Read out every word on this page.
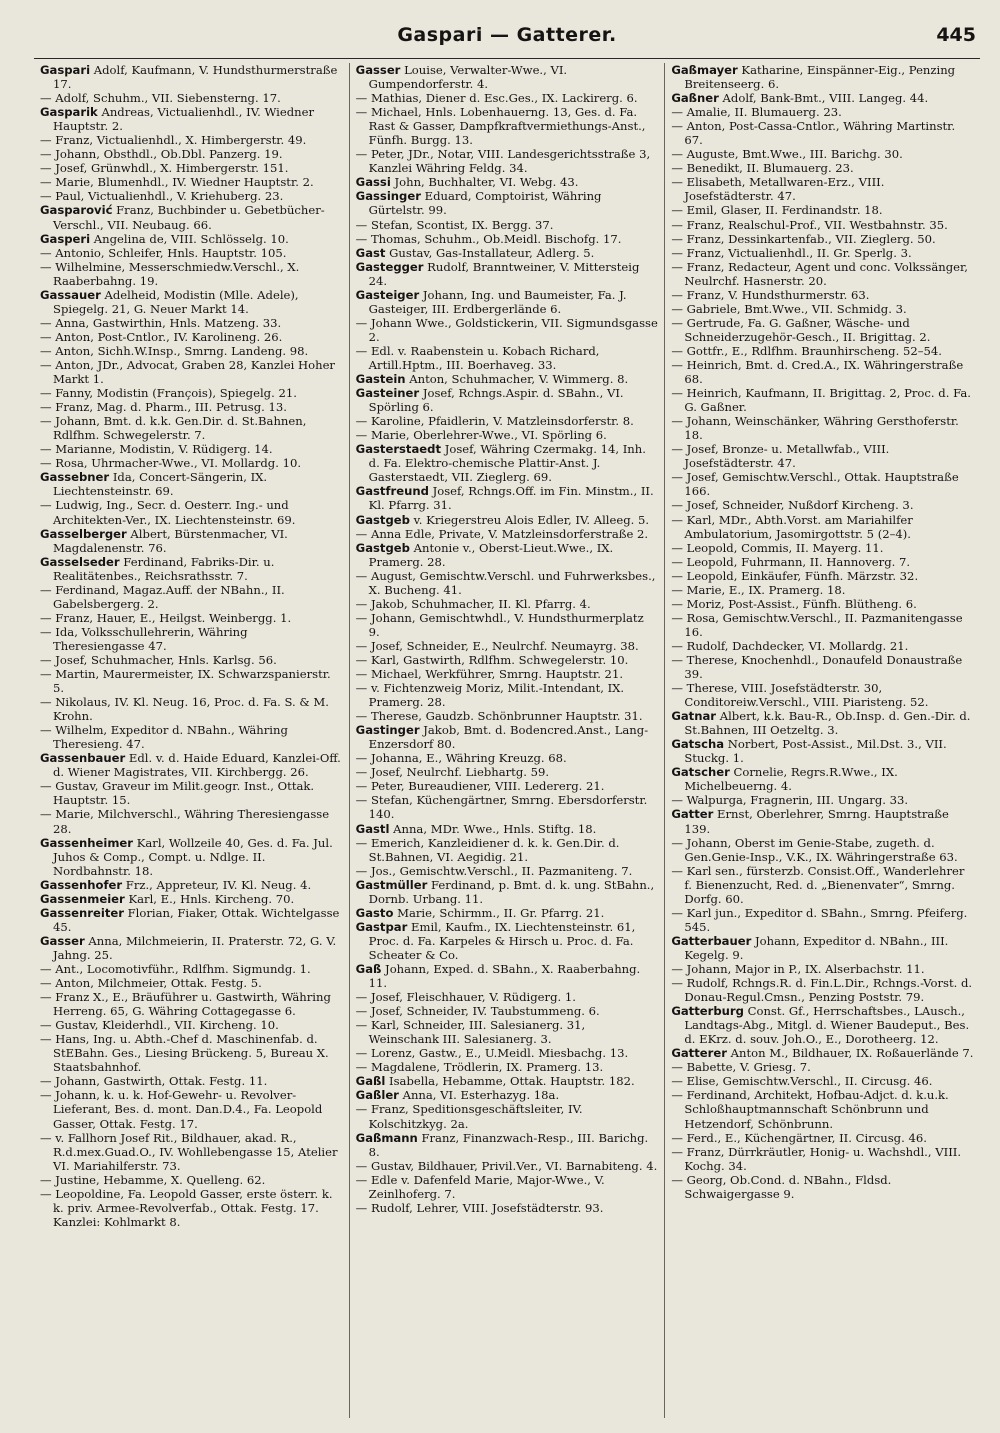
Gaspari — Gatterer.	445

Gaspari Adolf, Kaufmann, V. Hundsthurmerstraße 17.

— Adolf, Schuhm., VII. Siebensterng. 17.

Gasparik Andreas, Victualienhdl., IV. Wiedner Hauptstr. 2.

— Franz, Victualienhdl., X. Himbergerstr. 49.

— Johann, Obsthdl., Ob.Dbl. Panzerg. 19.

— Josef, Grünwhdl., X. Himbergerstr. 151.

— Marie, Blumenhdl., IV. Wiedner Hauptstr. 2.

— Paul, Victualienhdl., V. Kriehuberg. 23.

Gasparović Franz, Buchbinder u. Gebetbücher-Verschl., VII. Neubaug. 66.

Gasperi Angelina de, VIII. Schlösselg. 10.

— Antonio, Schleifer, Hnls. Hauptstr. 105.

— Wilhelmine, Messerschmiedw.Verschl., X. Raaberbahng. 19.

Gassauer Adelheid, Modistin (Mlle. Adele), Spiegelg. 21, G. Neuer Markt 14.

— Anna, Gastwirthin, Hnls. Matzeng. 33.

— Anton, Post-Cntlor., IV. Karolineng. 26.

— Anton, Sichh.W.Insp., Smrng. Landeng. 98.

— Anton, JDr., Advocat, Graben 28, Kanzlei Hoher Markt 1.

— Fanny, Modistin (François), Spiegelg. 21.

— Franz, Mag. d. Pharm., III. Petrusg. 13.

— Johann, Bmt. d. k.k. Gen.Dir. d. St.Bahnen, Rdlfhm. Schwegelerstr. 7.

— Marianne, Modistin, V. Rüdigerg. 14.

— Rosa, Uhrmacher-Wwe., VI. Mollardg. 10.

Gassebner Ida, Concert-Sängerin, IX. Liechtensteinstr. 69.

— Ludwig, Ing., Secr. d. Oesterr. Ing.- und Architekten-Ver., IX. Liechtensteinstr. 69.

Gasselberger Albert, Bürstenmacher, VI. Magdalenenstr. 76.

Gasselseder Ferdinand, Fabriks-Dir. u. Realitätenbes., Reichsrathsstr. 7.

— Ferdinand, Magaz.Auff. der NBahn., II. Gabelsbergerg. 2.

— Franz, Hauer, E., Heilgst. Weinbergg. 1.

— Ida, Volksschullehrerin, Währing Theresiengasse 47.

— Josef, Schuhmacher, Hnls. Karlsg. 56.

— Martin, Maurermeister, IX. Schwarzspanierstr. 5.

— Nikolaus, IV. Kl. Neug. 16, Proc. d. Fa. S. & M. Krohn.

— Wilhelm, Expeditor d. NBahn., Währing Theresieng. 47.

Gassenbauer Edl. v. d. Haide Eduard, Kanzlei-Off. d. Wiener Magistrates, VII. Kirchbergg. 26.

— Gustav, Graveur im Milit.geogr. Inst., Ottak. Hauptstr. 15.

— Marie, Milchverschl., Währing Theresiengasse 28.

Gassenheimer Karl, Wollzeile 40, Ges. d. Fa. Jul. Juhos & Comp., Compt. u. Ndlge. II. Nordbahnstr. 18.

Gassenhofer Frz., Appreteur, IV. Kl. Neug. 4.

Gassenmeier Karl, E., Hnls. Kircheng. 70.

Gassenreiter Florian, Fiaker, Ottak. Wichtelgasse 45.

Gasser Anna, Milchmeierin, II. Praterstr. 72, G. V. Jahng. 25.

— Ant., Locomotivführ., Rdlfhm. Sigmundg. 1.

— Anton, Milchmeier, Ottak. Festg. 5.

— Franz X., E., Bräuführer u. Gastwirth, Währing Herreng. 65, G. Währing Cottagegasse 6.

— Gustav, Kleiderhdl., VII. Kircheng. 10.

— Hans, Ing. u. Abth.-Chef d. Maschinenfab. d. StEBahn. Ges., Liesing Brückeng. 5, Bureau X. Staatsbahnhof.

— Johann, Gastwirth, Ottak. Festg. 11.

— Johann, k. u. k. Hof-Gewehr- u. Revolver-Lieferant, Bes. d. mont. Dan.D.4., Fa. Leopold Gasser, Ottak. Festg. 17.

— v. Fallhorn Josef Rit., Bildhauer, akad. R., R.d.mex.Guad.O., IV. Wohllebengasse 15, Atelier VI. Mariahilferstr. 73.

— Justine, Hebamme, X. Quelleng. 62.

— Leopoldine, Fa. Leopold Gasser, erste österr. k. k. priv. Armee-Revolverfab., Ottak. Festg. 17. Kanzlei: Kohlmarkt 8.

Gasser Louise, Verwalter-Wwe., VI. Gumpendorferstr. 4.

— Mathias, Diener d. Esc.Ges., IX. Lackirerg. 6.

— Michael, Hnls. Lobenhauerng. 13, Ges. d. Fa. Rast & Gasser, Dampfkraftvermiethungs-Anst., Fünfh. Burgg. 13.

— Peter, JDr., Notar, VIII. Landesgerichtsstraße 3, Kanzlei Währing Feldg. 34.

Gassi John, Buchhalter, VI. Webg. 43.

Gassinger Eduard, Comptoirist, Währing Gürtelstr. 99.

— Stefan, Scontist, IX. Bergg. 37.

— Thomas, Schuhm., Ob.Meidl. Bischofg. 17.

Gast Gustav, Gas-Installateur, Adlerg. 5.

Gastegger Rudolf, Branntweiner, V. Mittersteig 24.

Gasteiger Johann, Ing. und Baumeister, Fa. J. Gasteiger, III. Erdbergerlände 6.

— Johann Wwe., Goldstickerin, VII. Sigmundsgasse 2.

— Edl. v. Raabenstein u. Kobach Richard, Artill.Hptm., III. Boerhaveg. 33.

Gastein Anton, Schuhmacher, V. Wimmerg. 8.

Gasteiner Josef, Rchngs.Aspir. d. SBahn., VI. Spörling 6.

— Karoline, Pfaidlerin, V. Matzleinsdorferstr. 8.

— Marie, Oberlehrer-Wwe., VI. Spörling 6.

Gasterstaedt Josef, Währing Czermakg. 14, Inh. d. Fa. Elektro-chemische Plattir-Anst. J. Gasterstaedt, VII. Zieglerg. 69.

Gastfreund Josef, Rchngs.Off. im Fin. Minstm., II. Kl. Pfarrg. 31.

Gastgeb v. Kriegerstreu Alois Edler, IV. Alleeg. 5.

— Anna Edle, Private, V. Matzleinsdorferstraße 2.

Gastgeb Antonie v., Oberst-Lieut.Wwe., IX. Pramerg. 28.

— August, Gemischtw.Verschl. und Fuhrwerksbes., X. Bucheng. 41.

— Jakob, Schuhmacher, II. Kl. Pfarrg. 4.

— Johann, Gemischtwhdl., V. Hundsthurmerplatz 9.

— Josef, Schneider, E., Neulrchf. Neumayrg. 38.

— Karl, Gastwirth, Rdlfhm. Schwegelerstr. 10.

— Michael, Werkführer, Smrng. Hauptstr. 21.

— v. Fichtenzweig Moriz, Milit.-Intendant, IX. Pramerg. 28.

— Therese, Gaudzb. Schönbrunner Hauptstr. 31.

Gastinger Jakob, Bmt. d. Bodencred.Anst., Lang-Enzersdorf 80.

— Johanna, E., Währing Kreuzg. 68.

— Josef, Neulrchf. Liebhartg. 59.

— Peter, Bureaudiener, VIII. Ledererg. 21.

— Stefan, Küchengärtner, Smrng. Ebersdorferstr. 140.

Gastl Anna, MDr. Wwe., Hnls. Stiftg. 18.

— Emerich, Kanzleidiener d. k. k. Gen.Dir. d. St.Bahnen, VI. Aegidig. 21.

— Jos., Gemischtw.Verschl., II. Pazmaniteng. 7.

Gastmüller Ferdinand, p. Bmt. d. k. ung. StBahn., Dornb. Urbang. 11.

Gasto Marie, Schirmm., II. Gr. Pfarrg. 21.

Gastpar Emil, Kaufm., IX. Liechtensteinstr. 61, Proc. d. Fa. Karpeles & Hirsch u. Proc. d. Fa. Scheater & Co.

Gaß Johann, Exped. d. SBahn., X. Raaberbahng. 11.

— Josef, Fleischhauer, V. Rüdigerg. 1.

— Josef, Schneider, IV. Taubstummeng. 6.

— Karl, Schneider, III. Salesianerg. 31, Weinschank III. Salesianerg. 3.

— Lorenz, Gastw., E., U.Meidl. Miesbachg. 13.

— Magdalene, Trödlerin, IX. Pramerg. 13.

Gaßl Isabella, Hebamme, Ottak. Hauptstr. 182.

Gaßler Anna, VI. Esterhazyg. 18a.

— Franz, Speditionsgeschäftsleiter, IV. Kolschitzkyg. 2a.

Gaßmann Franz, Finanzwach-Resp., III. Barichg. 8.

— Gustav, Bildhauer, Privil.Ver., VI. Barnabiteng. 4.

— Edle v. Dafenfeld Marie, Major-Wwe., V. Zeinlhoferg. 7.

— Rudolf, Lehrer, VIII. Josefstädterstr. 93.

Gaßmayer Katharine, Einspänner-Eig., Penzing Breitenseerg. 6.

Gaßner Adolf, Bank-Bmt., VIII. Langeg. 44.

— Amalie, II. Blumauerg. 23.

— Anton, Post-Cassa-Cntlor., Währing Martinstr. 67.

— Auguste, Bmt.Wwe., III. Barichg. 30.

— Benedikt, II. Blumauerg. 23.

— Elisabeth, Metallwaren-Erz., VIII. Josefstädterstr. 47.

— Emil, Glaser, II. Ferdinandstr. 18.

— Franz, Realschul-Prof., VII. Westbahnstr. 35.

— Franz, Dessinkartenfab., VII. Zieglerg. 50.

— Franz, Victualienhdl., II. Gr. Sperlg. 3.

— Franz, Redacteur, Agent und conc. Volkssänger, Neulrchf. Hasnerstr. 20.

— Franz, V. Hundsthurmerstr. 63.

— Gabriele, Bmt.Wwe., VII. Schmidg. 3.

— Gertrude, Fa. G. Gaßner, Wäsche- und Schneiderzugehör-Gesch., II. Brigittag. 2.

— Gottfr., E., Rdlfhm. Braunhirscheng. 52–54.

— Heinrich, Bmt. d. Cred.A., IX. Währingerstraße 68.

— Heinrich, Kaufmann, II. Brigittag. 2, Proc. d. Fa. G. Gaßner.

— Johann, Weinschänker, Währing Gersthoferstr. 18.

— Josef, Bronze- u. Metallwfab., VIII. Josefstädterstr. 47.

— Josef, Gemischtw.Verschl., Ottak. Hauptstraße 166.

— Josef, Schneider, Nußdorf Kircheng. 3.

— Karl, MDr., Abth.Vorst. am Mariahilfer Ambulatorium, Jasomirgottstr. 5 (2–4).

— Leopold, Commis, II. Mayerg. 11.

— Leopold, Fuhrmann, II. Hannoverg. 7.

— Leopold, Einkäufer, Fünfh. Märzstr. 32.

— Marie, E., IX. Pramerg. 18.

— Moriz, Post-Assist., Fünfh. Blütheng. 6.

— Rosa, Gemischtw.Verschl., II. Pazmanitengasse 16.

— Rudolf, Dachdecker, VI. Mollardg. 21.

— Therese, Knochenhdl., Donaufeld Donaustraße 39.

— Therese, VIII. Josefstädterstr. 30, Conditoreiw.Verschl., VIII. Piaristeng. 52.

Gatnar Albert, k.k. Bau-R., Ob.Insp. d. Gen.-Dir. d. St.Bahnen, III Oetzeltg. 3.

Gatscha Norbert, Post-Assist., Mil.Dst. 3., VII. Stuckg. 1.

Gatscher Cornelie, Regrs.R.Wwe., IX. Michelbeuerng. 4.

— Walpurga, Fragnerin, III. Ungarg. 33.

Gatter Ernst, Oberlehrer, Smrng. Hauptstraße 139.

— Johann, Oberst im Genie-Stabe, zugeth. d. Gen.Genie-Insp., V.K., IX. Währingerstraße 63.

— Karl sen., fürsterzb. Consist.Off., Wanderlehrer f. Bienenzucht, Red. d. „Bienenvater“, Smrng. Dorfg. 60.

— Karl jun., Expeditor d. SBahn., Smrng. Pfeiferg. 545.

Gatterbauer Johann, Expeditor d. NBahn., III. Kegelg. 9.

— Johann, Major in P., IX. Alserbachstr. 11.

— Rudolf, Rchngs.R. d. Fin.L.Dir., Rchngs.-Vorst. d. Donau-Regul.Cmsn., Penzing Poststr. 79.

Gatterburg Const. Gf., Herrschaftsbes., LAusch., Landtags-Abg., Mitgl. d. Wiener Baudeput., Bes. d. EKrz. d. souv. Joh.O., E., Dorotheerg. 12.

Gatterer Anton M., Bildhauer, IX. Roßauerlände 7.

— Babette, V. Griesg. 7.

— Elise, Gemischtw.Verschl., II. Circusg. 46.

— Ferdinand, Architekt, Hofbau-Adjct. d. k.u.k. Schloßhauptmannschaft Schönbrunn und Hetzendorf, Schönbrunn.

— Ferd., E., Küchengärtner, II. Circusg. 46.

— Franz, Dürrkräutler, Honig- u. Wachshdl., VIII. Kochg. 34.

— Georg, Ob.Cond. d. NBahn., Fldsd. Schwaigergasse 9.
